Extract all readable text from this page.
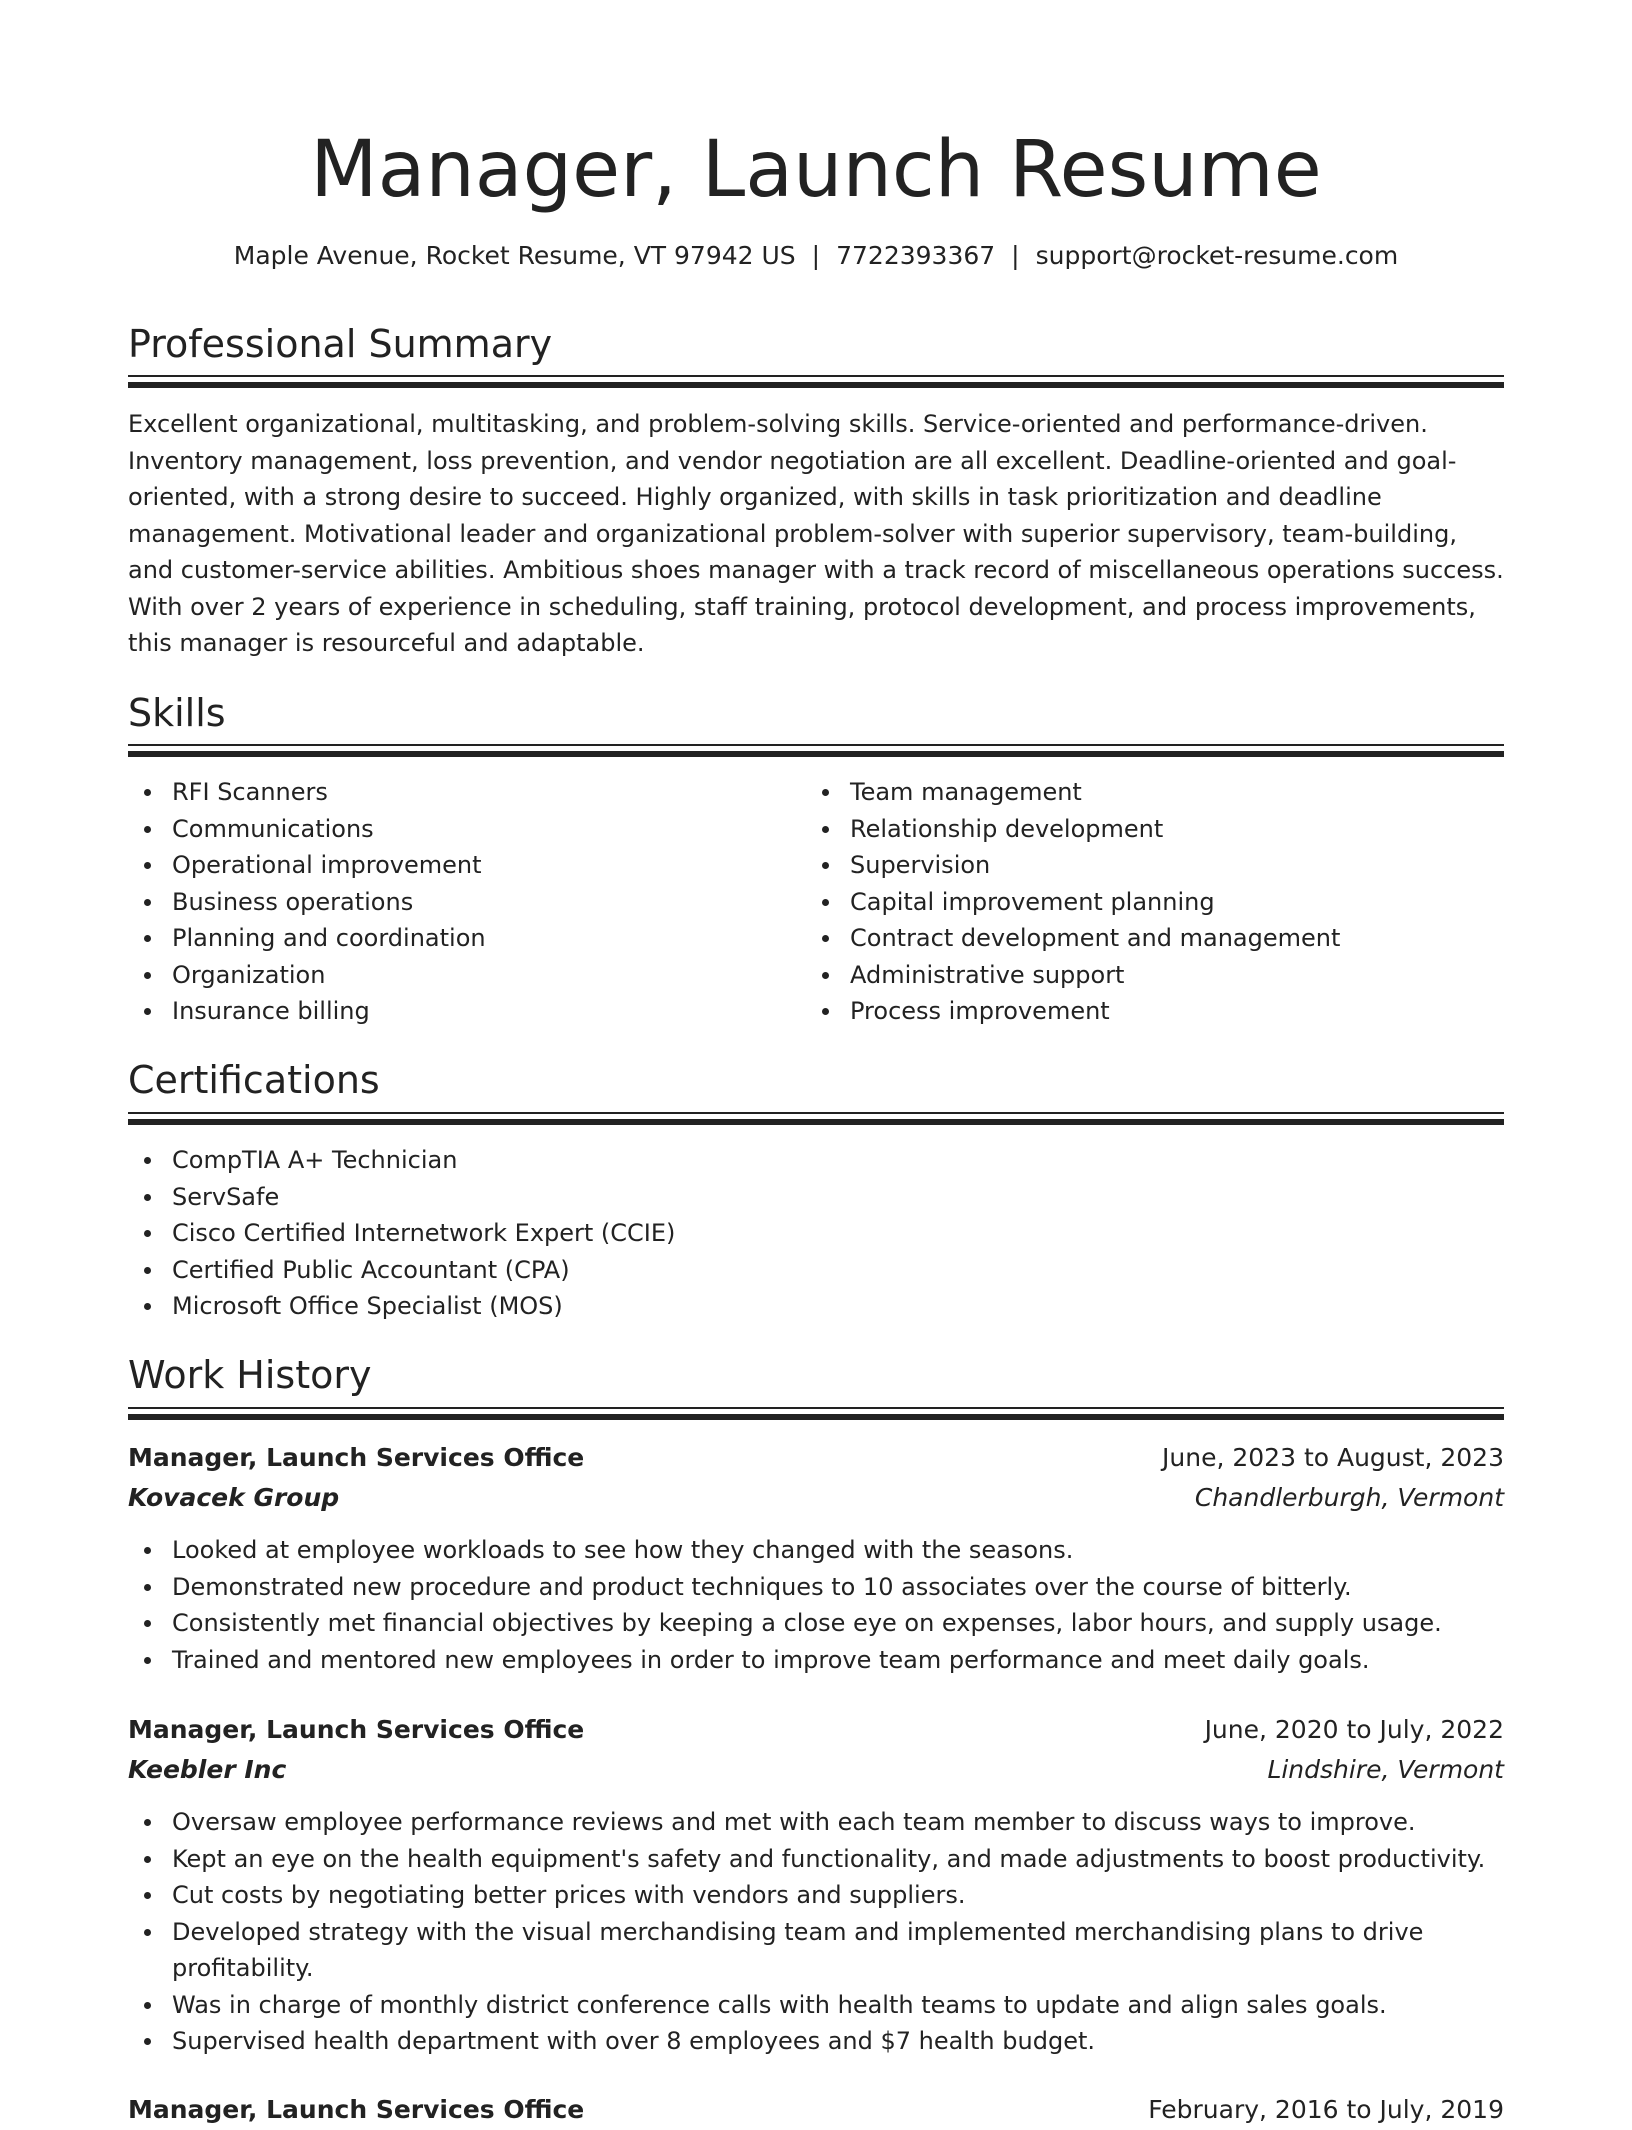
Manager, Launch Resume
Maple Avenue, Rocket Resume, VT 97942 US | 7722393367 | support@rocket-resume.com
Professional Summary

Excellent organizational, multitasking, and problem-solving skills. Service-oriented and performance-driven. Inventory management, loss prevention, and vendor negotiation are all excellent. Deadline-oriented and goal-oriented, with a strong desire to succeed. Highly organized, with skills in task prioritization and deadline management. Motivational leader and organizational problem-solver with superior supervisory, team-building, and customer-service abilities. Ambitious shoes manager with a track record of miscellaneous operations success. With over 2 years of experience in scheduling, staff training, protocol development, and process improvements, this manager is resourceful and adaptable.

Skills
RFI Scanners
Communications
Operational improvement
Business operations
Planning and coordination
Organization
Insurance billing
Team management
Relationship development
Supervision
Capital improvement planning
Contract development and management
Administrative support
Process improvement
Certifications
CompTIA A+ Technician
ServSafe
Cisco Certified Internetwork Expert (CCIE)
Certified Public Accountant (CPA)
Microsoft Office Specialist (MOS)
Work History
Manager, Launch Services Office	June, 2023 to August, 2023
Kovacek Group	Chandlerburgh, Vermont
Looked at employee workloads to see how they changed with the seasons.
Demonstrated new procedure and product techniques to 10 associates over the course of bitterly.
Consistently met financial objectives by keeping a close eye on expenses, labor hours, and supply usage.
Trained and mentored new employees in order to improve team performance and meet daily goals.
Manager, Launch Services Office	June, 2020 to July, 2022
Keebler Inc	Lindshire, Vermont
Oversaw employee performance reviews and met with each team member to discuss ways to improve.
Kept an eye on the health equipment's safety and functionality, and made adjustments to boost productivity.
Cut costs by negotiating better prices with vendors and suppliers.
Developed strategy with the visual merchandising team and implemented merchandising plans to drive profitability.
Was in charge of monthly district conference calls with health teams to update and align sales goals.
Supervised health department with over 8 employees and $7 health budget.
Manager, Launch Services Office	February, 2016 to July, 2019
